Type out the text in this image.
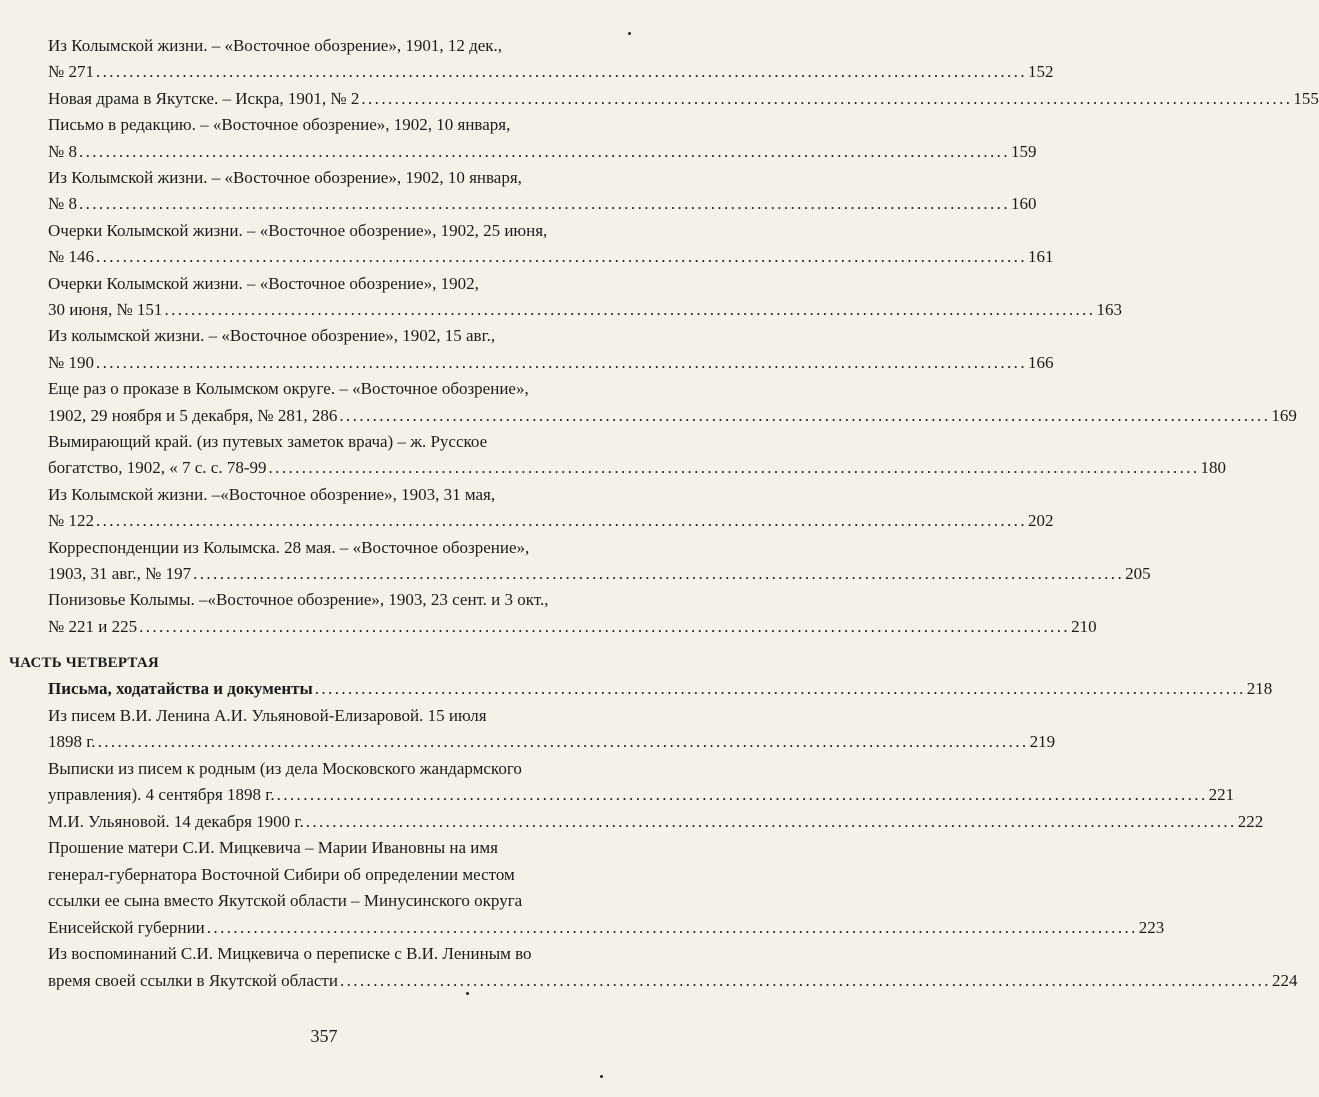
Из Колымской жизни. – «Восточное обозрение», 1901, 12 дек.,
№ 271 ............................................................................................................................................ 152
Новая драма в Якутске. – Искра, 1901, № 2 ............................................................................................................................................ 155
Письмо в редакцию. – «Восточное обозрение», 1902, 10 января,
№ 8 ............................................................................................................................................ 159
Из Колымской жизни. – «Восточное обозрение», 1902, 10 января,
№ 8 ............................................................................................................................................ 160
Очерки Колымской жизни. – «Восточное обозрение», 1902, 25 июня,
№ 146 ............................................................................................................................................ 161
Очерки Колымской жизни. – «Восточное обозрение», 1902,
30 июня, № 151 ............................................................................................................................................ 163
Из колымской жизни. – «Восточное обозрение», 1902, 15 авг.,
№ 190 ............................................................................................................................................ 166
Еще раз о проказе в Колымском округе. – «Восточное обозрение»,
1902, 29 ноября и 5 декабря, № 281, 286 ............................................................................................................................................ 169
Вымирающий край. (из путевых заметок врача) – ж. Русское
богатство, 1902, « 7 с. с. 78-99 ............................................................................................................................................ 180
Из Колымской жизни. –«Восточное обозрение», 1903, 31 мая,
№ 122 ............................................................................................................................................ 202
Корреспонденции из Колымска. 28 мая. – «Восточное обозрение»,
1903, 31 авг., № 197 ............................................................................................................................................ 205
Понизовье Колымы. –«Восточное обозрение», 1903, 23 сент. и 3 окт.,
№ 221 и 225 ............................................................................................................................................ 210
ЧАСТЬ ЧЕТВЕРТАЯ
Письма, ходатайства и документы ............................................................................................................................................ 218
Из писем В.И. Ленина А.И. Ульяновой-Елизаровой. 15 июля
1898 г. ............................................................................................................................................ 219
Выписки из писем к родным (из дела Московского жандармского
управления). 4 сентября 1898 г. ............................................................................................................................................ 221
М.И. Ульяновой. 14 декабря 1900 г. ............................................................................................................................................ 222
Прошение матери С.И. Мицкевича – Марии Ивановны на имя
генерал-губернатора Восточной Сибири об определении местом
ссылки ее сына вместо Якутской области – Минусинского округа
Енисейской губернии ............................................................................................................................................ 223
Из воспоминаний С.И. Мицкевича о переписке с В.И. Лениным во
время своей ссылки в Якутской области ............................................................................................................................................ 224
357
